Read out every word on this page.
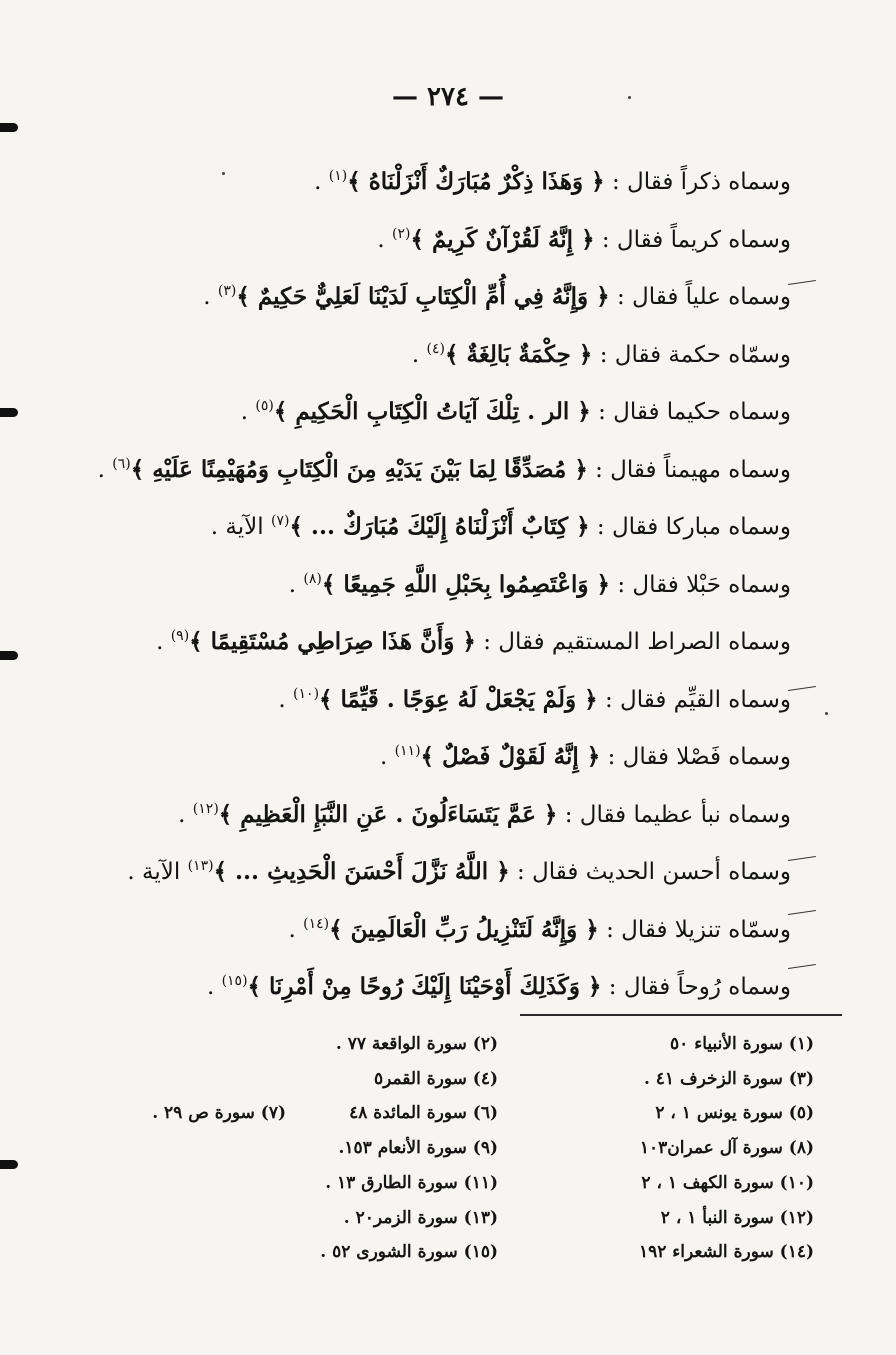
— ٢٧٤ —
وسماه ذكراً فقال : ﴿ وَهَذَا ذِكْرٌ مُبَارَكٌ أَنْزَلْنَاهُ ﴾$^{(١)}$ .
وسماه كريماً فقال : ﴿ إِنَّهُ لَقُرْآنٌ كَرِيمٌ ﴾$^{(٢)}$ .
وسماه علياً فقال : ﴿ وَإِنَّهُ فِي أُمِّ الْكِتَابِ لَدَيْنَا لَعَلِيٌّ حَكِيمٌ ﴾$^{(٣)}$ .
وسمّاه حكمة فقال : ﴿ حِكْمَةٌ بَالِغَةٌ ﴾$^{(٤)}$ .
وسماه حكيما فقال : ﴿ الر . تِلْكَ آيَاتُ الْكِتَابِ الْحَكِيمِ ﴾$^{(٥)}$ .
وسماه مهيمناً فقال : ﴿ مُصَدِّقًا لِمَا بَيْنَ يَدَيْهِ مِنَ الْكِتَابِ وَمُهَيْمِنًا عَلَيْهِ ﴾$^{(٦)}$ .
وسماه مباركا فقال : ﴿ كِتَابٌ أَنْزَلْنَاهُ إِلَيْكَ مُبَارَكٌ ... ﴾$^{(٧)}$ الآية .
وسماه حَبْلا فقال : ﴿ وَاعْتَصِمُوا بِحَبْلِ اللَّهِ جَمِيعًا ﴾$^{(٨)}$ .
وسماه الصراط المستقيم فقال : ﴿ وَأَنَّ هَذَا صِرَاطِي مُسْتَقِيمًا ﴾$^{(٩)}$ .
وسماه القيِّم فقال : ﴿ وَلَمْ يَجْعَلْ لَهُ عِوَجًا . قَيِّمًا ﴾$^{(١٠)}$ .
وسماه فَصْلا فقال : ﴿ إِنَّهُ لَقَوْلٌ فَصْلٌ ﴾$^{(١١)}$ .
وسماه نبأ عظيما فقال : ﴿ عَمَّ يَتَسَاءَلُونَ . عَنِ النَّبَإِ الْعَظِيمِ ﴾$^{(١٢)}$ .
وسماه أحسن الحديث فقال : ﴿ اللَّهُ نَزَّلَ أَحْسَنَ الْحَدِيثِ ... ﴾$^{(١٣)}$ الآية .
وسمّاه تنزيلا فقال : ﴿ وَإِنَّهُ لَتَنْزِيلُ رَبِّ الْعَالَمِينَ ﴾$^{(١٤)}$ .
وسماه رُوحاً فقال : ﴿ وَكَذَلِكَ أَوْحَيْنَا إِلَيْكَ رُوحًا مِنْ أَمْرِنَا ﴾$^{(١٥)}$ .
(١) سورة الأنبياء ٥٠
(٣) سورة الزخرف ٤١ .
(٥) سورة يونس ١ ، ٢
(٨) سورة آل عمران١٠٣
(١٠) سورة الكهف ١ ، ٢
(١٢) سورة النبأ ١ ، ٢
(١٤) سورة الشعراء ١٩٢
(٢) سورة الواقعة ٧٧ .
(٤) سورة القمر٥
(٦) سورة المائدة ٤٨
(٩) سورة الأنعام ١٥٣.
(١١) سورة الطارق ١٣ .
(١٣) سورة الزمر٢٠ .
(١٥) سورة الشورى ٥٢ .
(٧) سورة ص ٢٩ .
